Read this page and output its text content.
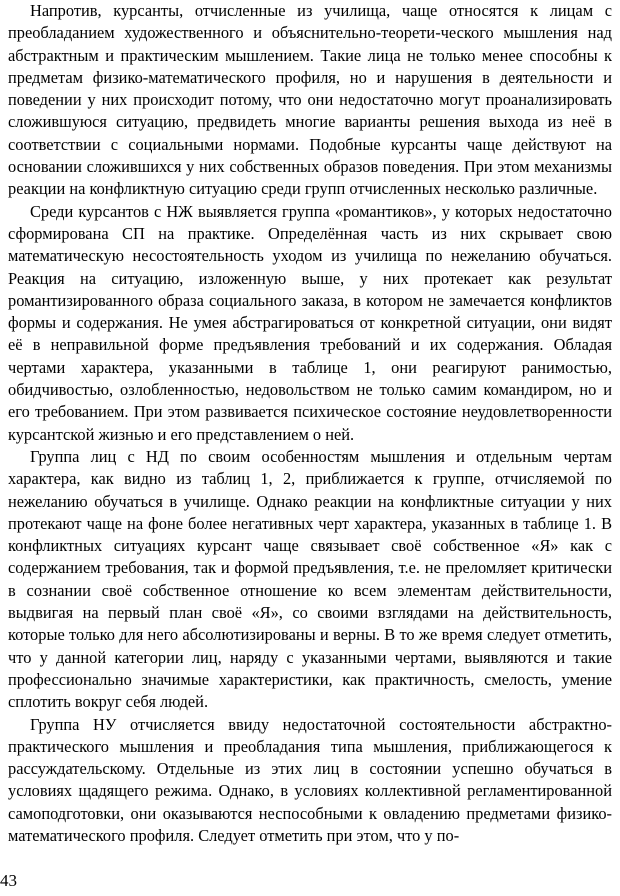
Напротив, курсанты, отчисленные из училища, чаще относятся к лицам с преобладанием художественного и объяснительно-теорети-ческого мышления над абстрактным и практическим мышлением. Такие лица не только менее способны к предметам физико-математического профиля, но и нарушения в деятельности и поведении у них происходит потому, что они недостаточно могут проанализировать сложившуюся ситуацию, предвидеть многие варианты решения выхода из неё в соответствии с социальными нормами. Подобные курсанты чаще действуют на основании сложившихся у них собственных образов поведения. При этом механизмы реакции на конфликтную ситуацию среди групп отчисленных несколько различные.

Среди курсантов с НЖ выявляется группа «романтиков», у которых недостаточно сформирована СП на практике. Определённая часть из них скрывает свою математическую несостоятельность уходом из училища по нежеланию обучаться. Реакция на ситуацию, изложенную выше, у них протекает как результат романтизированного образа социального заказа, в котором не замечается конфликтов формы и содержания. Не умея абстрагироваться от конкретной ситуации, они видят её в неправильной форме предъявления требований и их содержания. Обладая чертами характера, указанными в таблице 1, они реагируют ранимостью, обидчивостью, озлобленностью, недовольством не только самим командиром, но и его требованием. При этом развивается психическое состояние неудовлетворенности курсантской жизнью и его представлением о ней.

Группа лиц с НД по своим особенностям мышления и отдельным чертам характера, как видно из таблиц 1, 2, приближается к группе, отчисляемой по нежеланию обучаться в училище. Однако реакции на конфликтные ситуации у них протекают чаще на фоне более негативных черт характера, указанных в таблице 1. В конфликтных ситуациях курсант чаще связывает своё собственное «Я» как с содержанием требования, так и формой предъявления, т.е. не преломляет критически в сознании своё собственное отношение ко всем элементам действительности, выдвигая на первый план своё «Я», со своими взглядами на действительность, которые только для него абсолютизированы и верны. В то же время следует отметить, что у данной категории лиц, наряду с указанными чертами, выявляются и такие профессионально значимые характеристики, как практичность, смелость, умение сплотить вокруг себя людей.

Группа НУ отчисляется ввиду недостаточной состоятельности абстрактно-практического мышления и преобладания типа мышления, приближающегося к рассуждательскому. Отдельные из этих лиц в состоянии успешно обучаться в условиях щадящего режима. Однако, в условиях коллективной регламентированной самоподготовки, они оказываются неспособными к овладению предметами физико-математического профиля. Следует отметить при этом, что у по-

43
